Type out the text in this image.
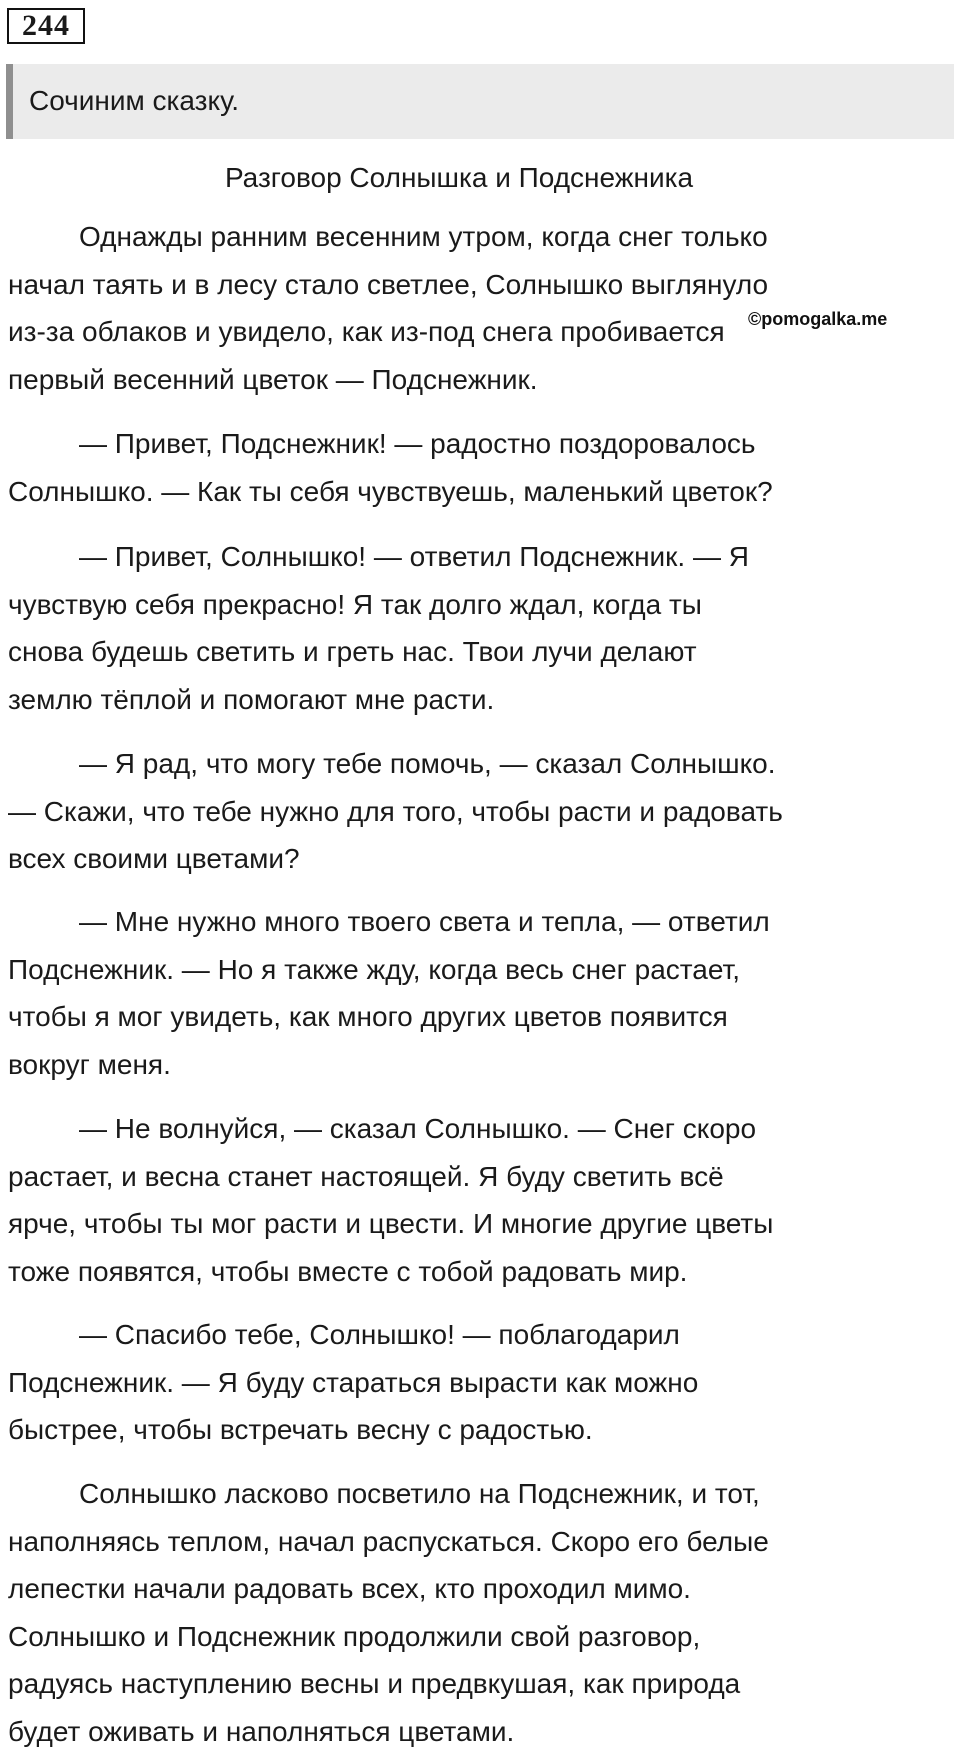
244
Сочиним сказку.
Разговор Солнышка и Подснежника
Однажды ранним весенним утром, когда снег только
начал таять и в лесу стало светлее, Солнышко выглянуло
из-за облаков и увидело, как из-под снега пробивается
первый весенний цветок — Подснежник.
— Привет, Подснежник! — радостно поздоровалось
Солнышко. — Как ты себя чувствуешь, маленький цветок?
— Привет, Солнышко! — ответил Подснежник. — Я
чувствую себя прекрасно! Я так долго ждал, когда ты
снова будешь светить и греть нас. Твои лучи делают
землю тёплой и помогают мне расти.
— Я рад, что могу тебе помочь, — сказал Солнышко.
— Скажи, что тебе нужно для того, чтобы расти и радовать
всех своими цветами?
— Мне нужно много твоего света и тепла, — ответил
Подснежник. — Но я также жду, когда весь снег растает,
чтобы я мог увидеть, как много других цветов появится
вокруг меня.
— Не волнуйся, — сказал Солнышко. — Снег скоро
растает, и весна станет настоящей. Я буду светить всё
ярче, чтобы ты мог расти и цвести. И многие другие цветы
тоже появятся, чтобы вместе с тобой радовать мир.
— Спасибо тебе, Солнышко! — поблагодарил
Подснежник. — Я буду стараться вырасти как можно
быстрее, чтобы встречать весну с радостью.
Солнышко ласково посветило на Подснежник, и тот,
наполняясь теплом, начал распускаться. Скоро его белые
лепестки начали радовать всех, кто проходил мимо.
Солнышко и Подснежник продолжили свой разговор,
радуясь наступлению весны и предвкушая, как природа
будет оживать и наполняться цветами.
©pomogalka.me
